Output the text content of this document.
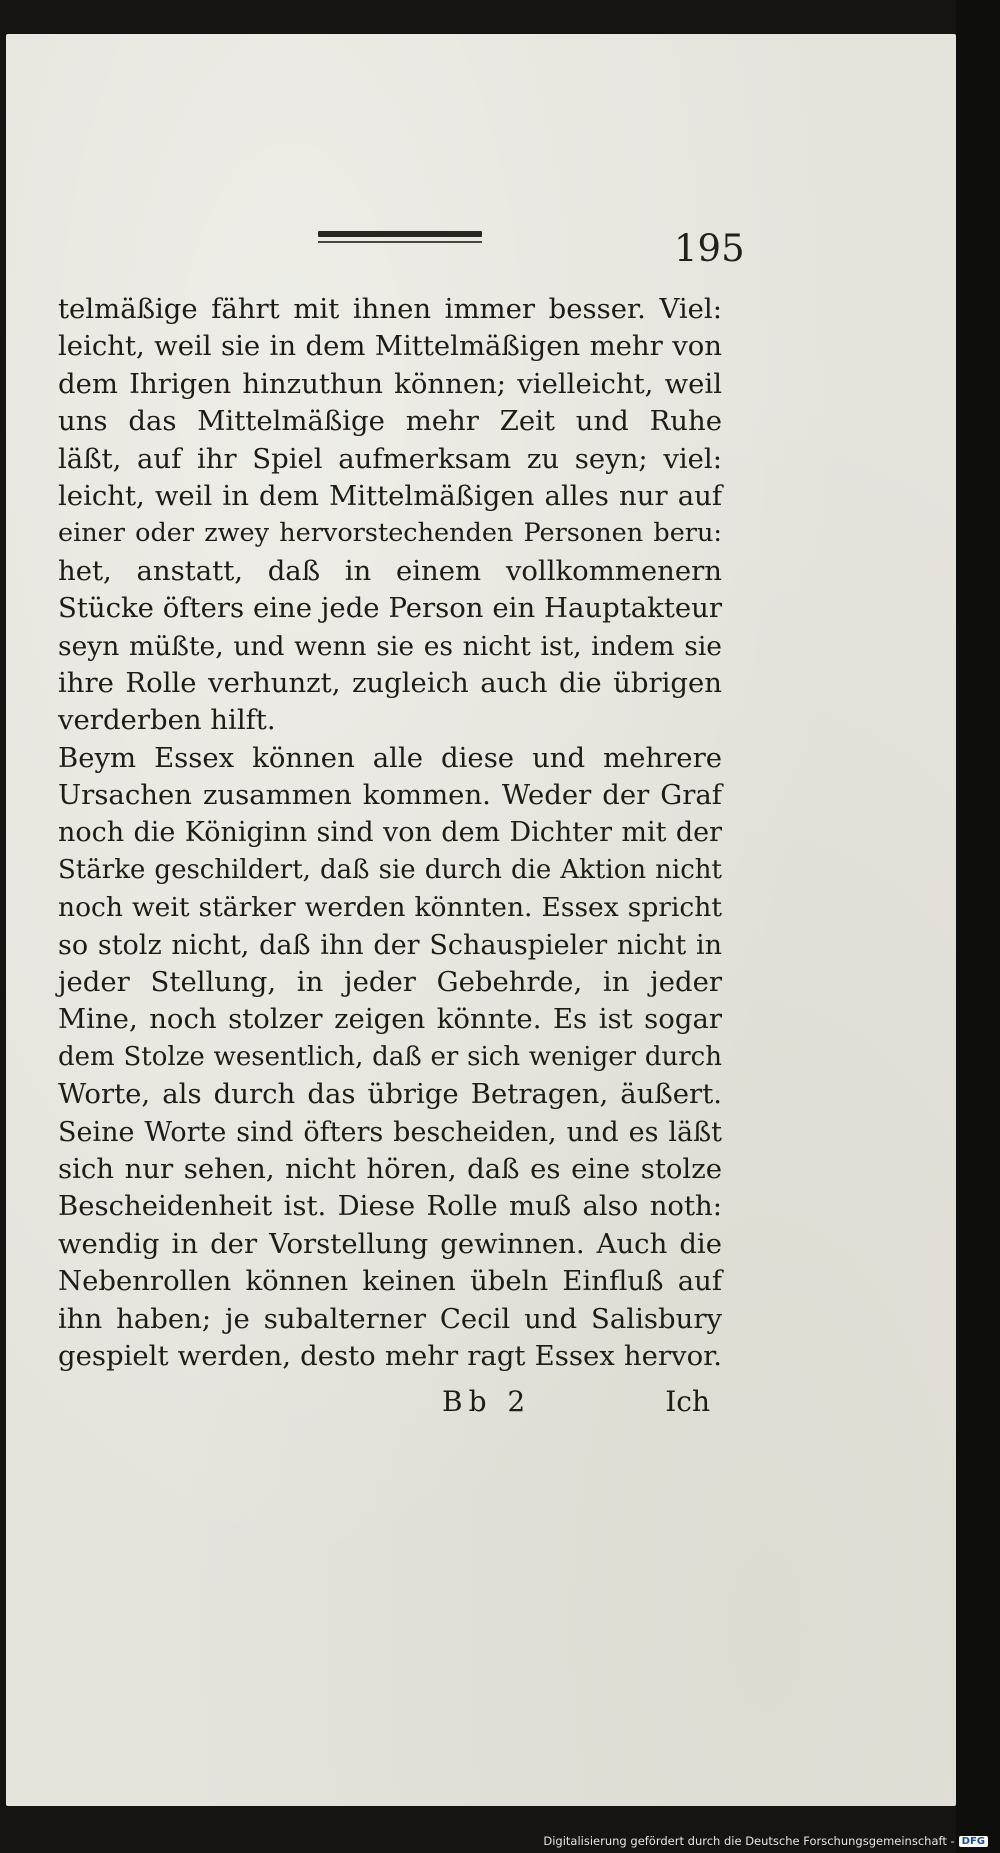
195
telmäßige fährt mit ihnen immer besser. Viel:
leicht, weil sie in dem Mittelmäßigen mehr von
dem Ihrigen hinzuthun können; vielleicht, weil
uns das Mittelmäßige mehr Zeit und Ruhe
läßt, auf ihr Spiel aufmerksam zu seyn; viel:
leicht, weil in dem Mittelmäßigen alles nur auf
einer oder zwey hervorstechenden Personen beru:
het, anstatt, daß in einem vollkommenern
Stücke öfters eine jede Person ein Hauptakteur
seyn müßte, und wenn sie es nicht ist, indem sie
ihre Rolle verhunzt, zugleich auch die übrigen
verderben hilft.
Beym Essex können alle diese und mehrere
Ursachen zusammen kommen. Weder der Graf
noch die Königinn sind von dem Dichter mit der
Stärke geschildert, daß sie durch die Aktion nicht
noch weit stärker werden könnten. Essex spricht
so stolz nicht, daß ihn der Schauspieler nicht in
jeder Stellung, in jeder Gebehrde, in jeder
Mine, noch stolzer zeigen könnte. Es ist sogar
dem Stolze wesentlich, daß er sich weniger durch
Worte, als durch das übrige Betragen, äußert.
Seine Worte sind öfters bescheiden, und es läßt
sich nur sehen, nicht hören, daß es eine stolze
Bescheidenheit ist. Diese Rolle muß also noth:
wendig in der Vorstellung gewinnen. Auch die
Nebenrollen können keinen übeln Einfluß auf
ihn haben; je subalterner Cecil und Salisbury
gespielt werden, desto mehr ragt Essex hervor.
Bb 2	Ich
Digitalisierung gefördert durch die Deutsche Forschungsgemeinschaft - DFG
